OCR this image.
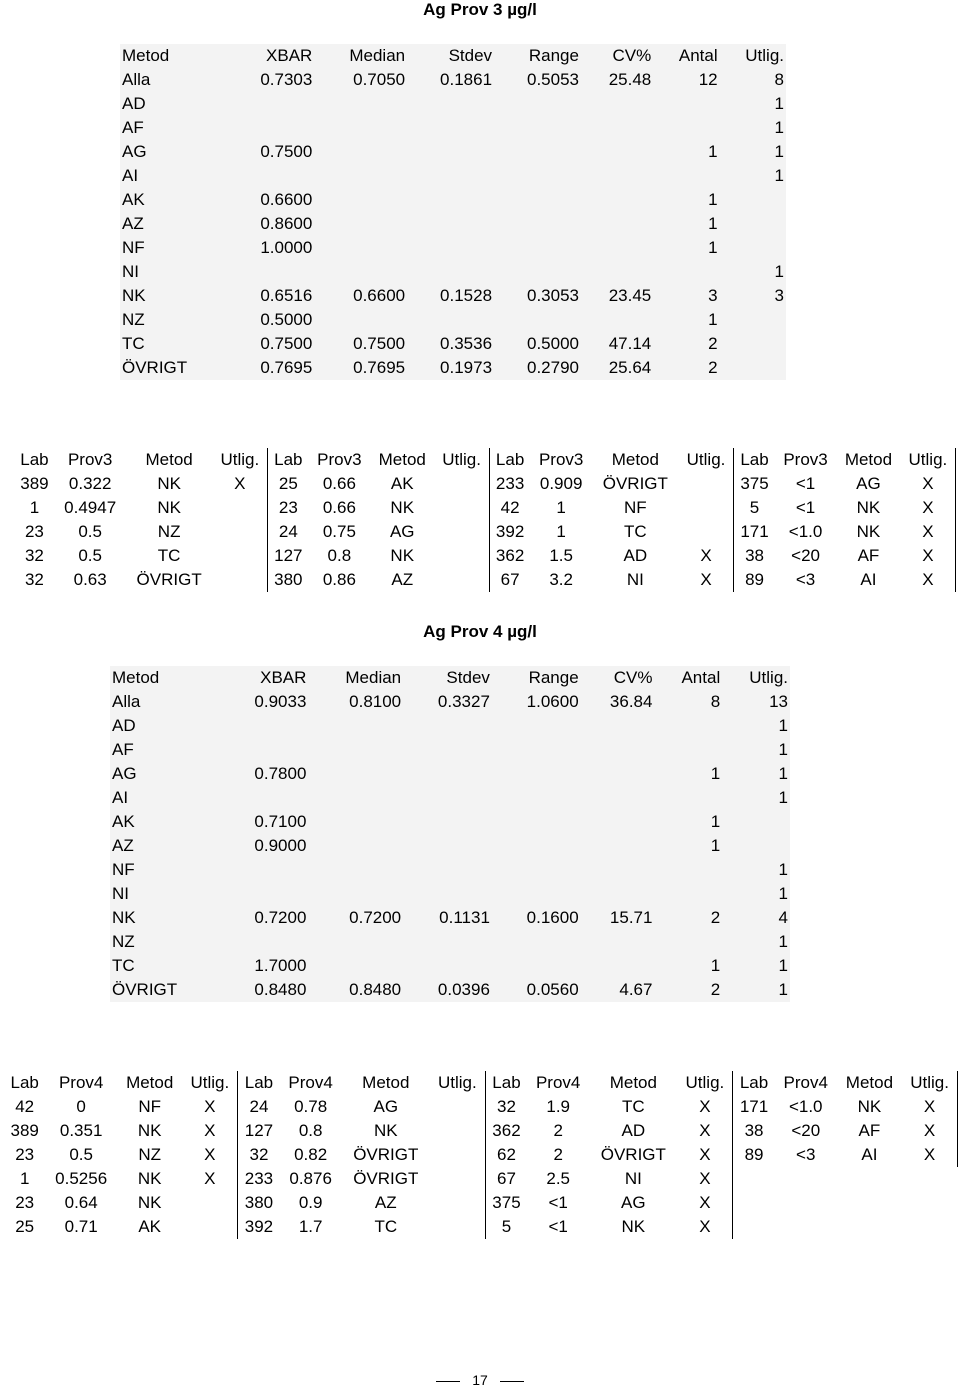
Ag Prov 3 µg/l
Metod	XBAR	Median	Stdev	Range	CV%	Antal	Utlig.
Alla	0.7303	0.7050	0.1861	0.5053	25.48	12	8
AD							1
AF							1
AG	0.7500					1	1
AI							1
AK	0.6600					1	
AZ	0.8600					1	
NF	1.0000					1	
NI							1
NK	0.6516	0.6600	0.1528	0.3053	23.45	3	3
NZ	0.5000					1	
TC	0.7500	0.7500	0.3536	0.5000	47.14	2	
ÖVRIGT	0.7695	0.7695	0.1973	0.2790	25.64	2	
Lab	Prov3	Metod	Utlig.	Lab	Prov3	Metod	Utlig.	Lab	Prov3	Metod	Utlig.	Lab	Prov3	Metod	Utlig.
389	0.322	NK	X	25	0.66	AK		233	0.909	ÖVRIGT		375	<1	AG	X
1	0.4947	NK		23	0.66	NK		42	1	NF		5	<1	NK	X
23	0.5	NZ		24	0.75	AG		392	1	TC		171	<1.0	NK	X
32	0.5	TC		127	0.8	NK		362	1.5	AD	X	38	<20	AF	X
32	0.63	ÖVRIGT		380	0.86	AZ		67	3.2	NI	X	89	<3	AI	X
Ag Prov 4 µg/l
Metod	XBAR	Median	Stdev	Range	CV%	Antal	Utlig.
Alla	0.9033	0.8100	0.3327	1.0600	36.84	8	13
AD							1
AF							1
AG	0.7800					1	1
AI							1
AK	0.7100					1	
AZ	0.9000					1	
NF							1
NI							1
NK	0.7200	0.7200	0.1131	0.1600	15.71	2	4
NZ							1
TC	1.7000					1	1
ÖVRIGT	0.8480	0.8480	0.0396	0.0560	4.67	2	1
Lab	Prov4	Metod	Utlig.	Lab	Prov4	Metod	Utlig.	Lab	Prov4	Metod	Utlig.	Lab	Prov4	Metod	Utlig.
42	0	NF	X	24	0.78	AG		32	1.9	TC	X	171	<1.0	NK	X
389	0.351	NK	X	127	0.8	NK		362	2	AD	X	38	<20	AF	X
23	0.5	NZ	X	32	0.82	ÖVRIGT		62	2	ÖVRIGT	X	89	<3	AI	X
1	0.5256	NK	X	233	0.876	ÖVRIGT		67	2.5	NI	X				
23	0.64	NK		380	0.9	AZ		375	<1	AG	X				
25	0.71	AK		392	1.7	TC		5	<1	NK	X				
17
